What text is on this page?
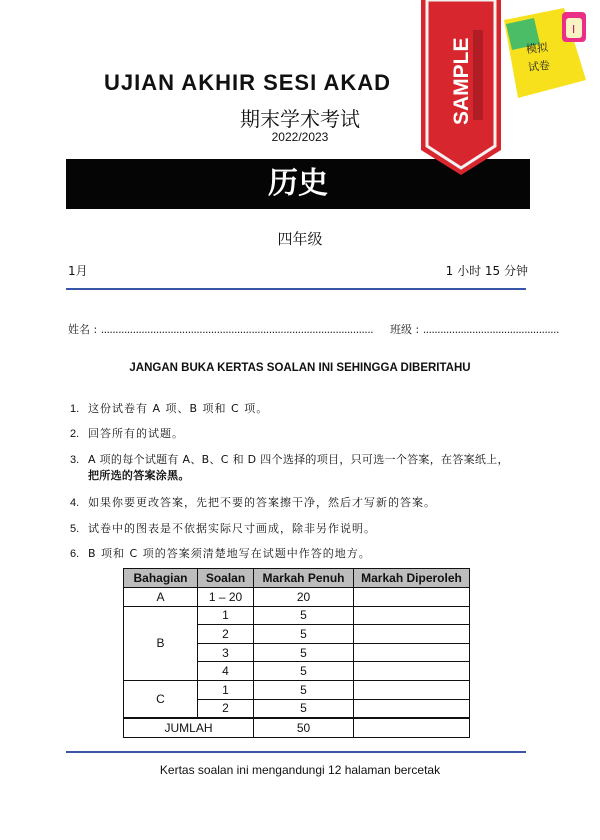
UJIAN AKHIR SESI AKAD
期末学术考试
2022/2023
历史
四年级
1月	1 小时 15 分钟
姓名 : .............................................................................................. 班级 : ...............................................
JANGAN BUKA KERTAS SOALAN INI SEHINGGA DIBERITAHU
1. 这份试卷有 A 项、B 项和 C 项。
2. 回答所有的试题。
3. A 项的每个试题有 A、B、C 和 D 四个选择的项目，只可选一个答案，在答案纸上，
把所选的答案涂黑。
4. 如果你要更改答案，先把不要的答案擦干净，然后才写新的答案。
5. 试卷中的图表是不依据实际尺寸画成，除非另作说明。
6. B 项和 C 项的答案须清楚地写在试题中作答的地方。
Bahagian	Soalan	Markah Penuh	Markah Diperoleh
A	1 – 20	20	
B	1	5	
	2	5	
	3	5	
	4	5	
C	1	5	
	2	5	
JUMLAH		50	
Kertas soalan ini mengandungi 12 halaman bercetak
SAMPLE
I
模拟
试卷
